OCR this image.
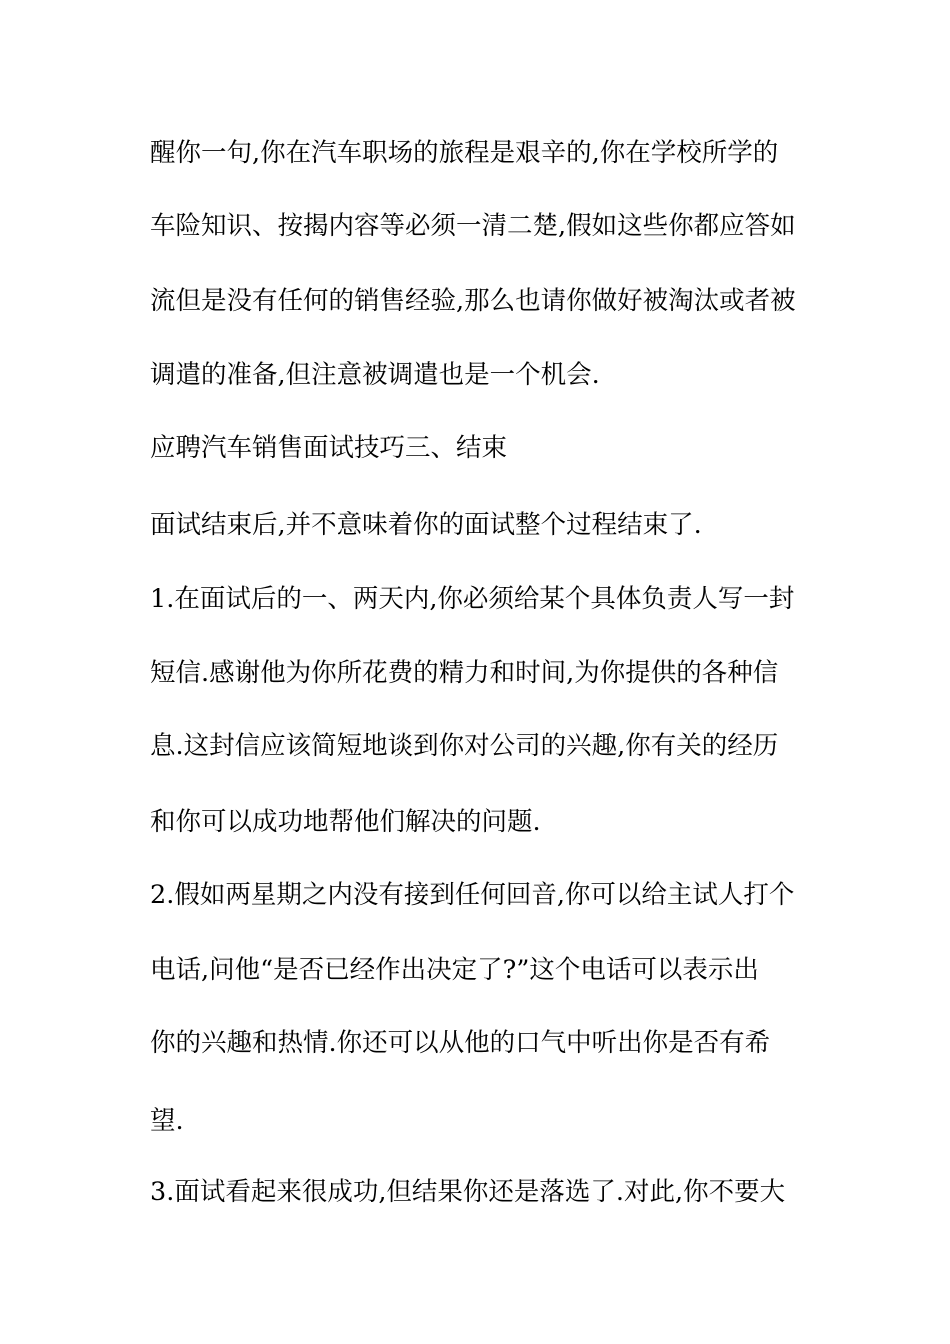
醒你一句,你在汽车职场的旅程是艰辛的,你在学校所学的
车险知识、按揭内容等必须一清二楚,假如这些你都应答如
流但是没有任何的销售经验,那么也请你做好被淘汰或者被
调遣的准备,但注意被调遣也是一个机会.
应聘汽车销售面试技巧三、结束
面试结束后,并不意味着你的面试整个过程结束了.
1.在面试后的一、两天内,你必须给某个具体负责人写一封
短信.感谢他为你所花费的精力和时间,为你提供的各种信
息.这封信应该简短地谈到你对公司的兴趣,你有关的经历
和你可以成功地帮他们解决的问题.
2.假如两星期之内没有接到任何回音,你可以给主试人打个
电话,问他“是否已经作出决定了?”这个电话可以表示出
你的兴趣和热情.你还可以从他的口气中听出你是否有希
望.
3.面试看起来很成功,但结果你还是落选了.对此,你不要大
